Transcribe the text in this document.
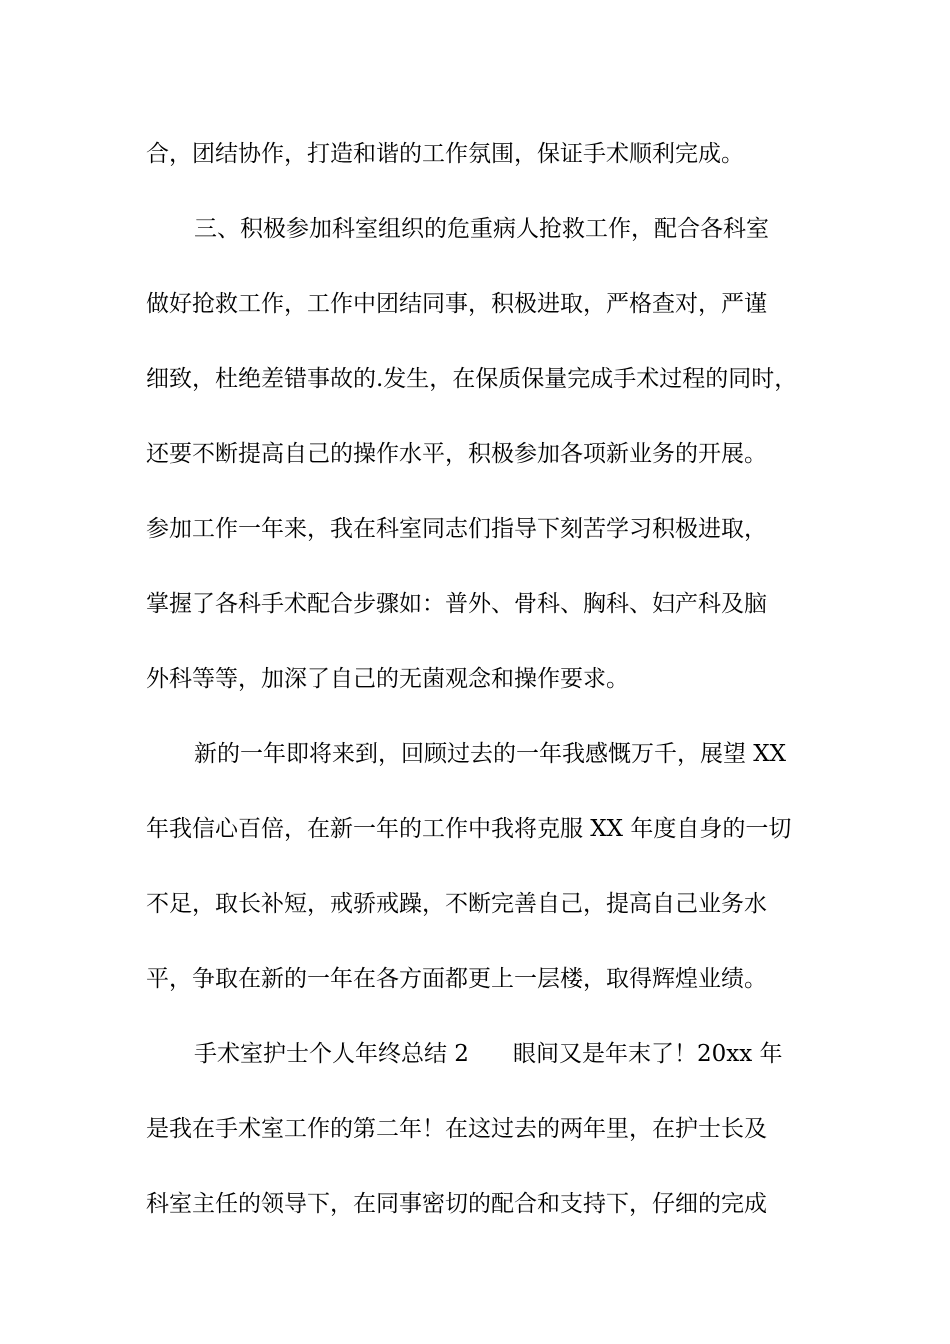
合，团结协作，打造和谐的工作氛围，保证手术顺利完成。
三、积极参加科室组织的危重病人抢救工作，配合各科室
做好抢救工作，工作中团结同事，积极进取，严格查对，严谨
细致，杜绝差错事故的.发生，在保质保量完成手术过程的同时，
还要不断提高自己的操作水平，积极参加各项新业务的开展。
参加工作一年来，我在科室同志们指导下刻苦学习积极进取，
掌握了各科手术配合步骤如：普外、骨科、胸科、妇产科及脑
外科等等，加深了自己的无菌观念和操作要求。
新的一年即将来到，回顾过去的一年我感慨万千，展望 XX
年我信心百倍，在新一年的工作中我将克服 XX 年度自身的一切
不足，取长补短，戒骄戒躁，不断完善自己，提高自己业务水
平，争取在新的一年在各方面都更上一层楼，取得辉煌业绩。
手术室护士个人年终总结 2 眼间又是年末了！20xx 年
是我在手术室工作的第二年！在这过去的两年里，在护士长及
科室主任的领导下，在同事密切的配合和支持下，仔细的完成
